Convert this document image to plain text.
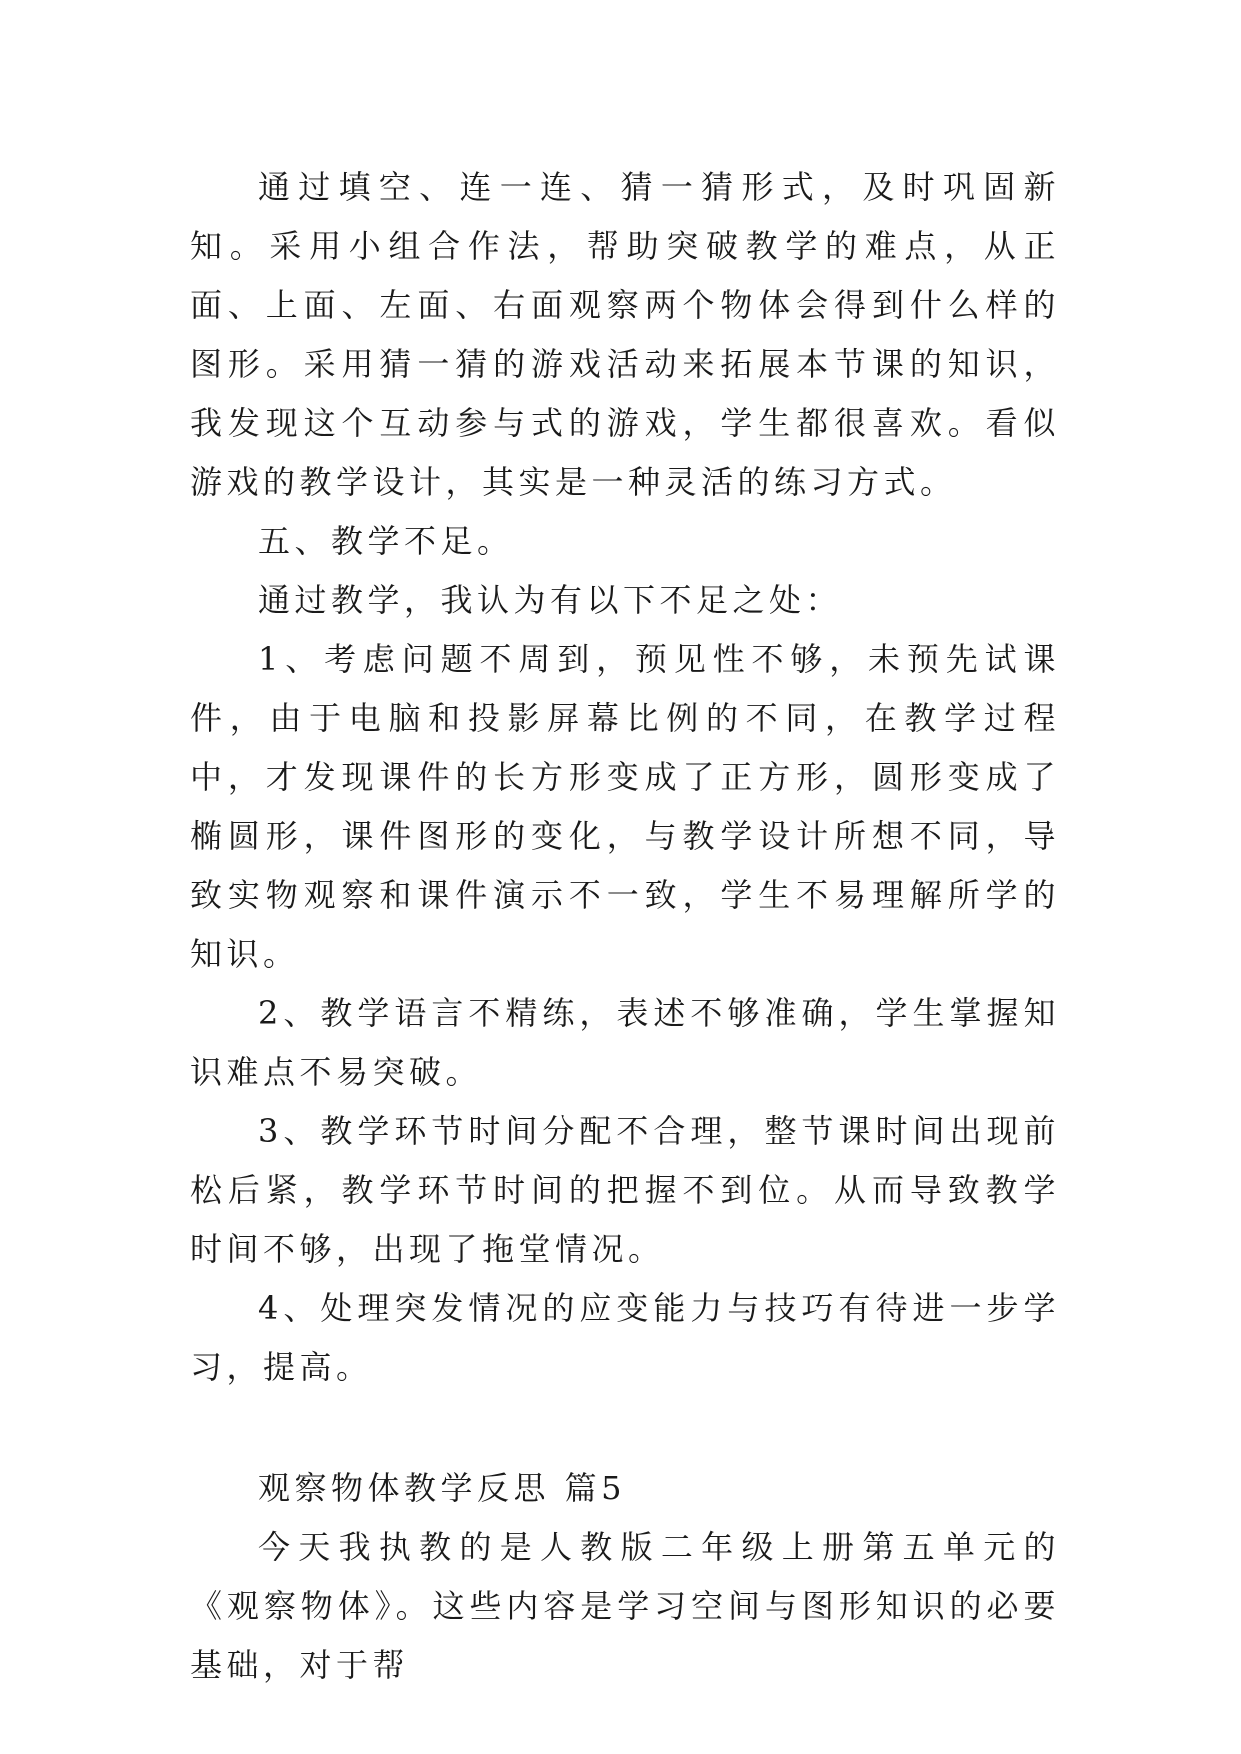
通过填空、连一连、猜一猜形式，及时巩固新知。采用小组合作法，帮助突破教学的难点，从正面、上面、左面、右面观察两个物体会得到什么样的图形。采用猜一猜的游戏活动来拓展本节课的知识，我发现这个互动参与式的游戏，学生都很喜欢。看似游戏的教学设计，其实是一种灵活的练习方式。

五、教学不足。

通过教学，我认为有以下不足之处：

1、考虑问题不周到，预见性不够，未预先试课件，由于电脑和投影屏幕比例的不同，在教学过程中，才发现课件的长方形变成了正方形，圆形变成了椭圆形，课件图形的变化，与教学设计所想不同，导致实物观察和课件演示不一致，学生不易理解所学的知识。

2、教学语言不精练，表述不够准确，学生掌握知识难点不易突破。

3、教学环节时间分配不合理，整节课时间出现前松后紧，教学环节时间的把握不到位。从而导致教学时间不够，出现了拖堂情况。

4、处理突发情况的应变能力与技巧有待进一步学习，提高。

观察物体教学反思 篇5

今天我执教的是人教版二年级上册第五单元的《观察物体》。这些内容是学习空间与图形知识的必要基础，对于帮
